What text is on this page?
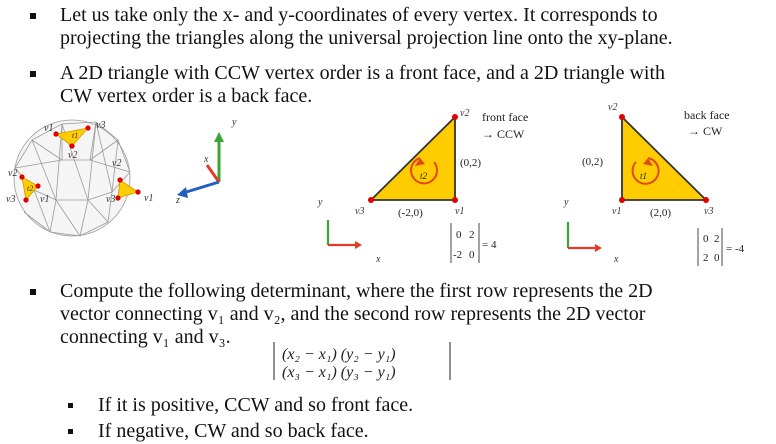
Let us take only the x- and y-coordinates of every vertex. It corresponds to
projecting the triangles along the universal projection line onto the xy-plane.
A 2D triangle with CCW vertex order is a front face, and a 2D triangle with
CW vertex order is a back face.
v1	v3
v2
t1
t2
v2
v3 v1
v2
v3	v1
y
x
z
v2 front face
→ CCW
(0,2)
t2
v3	(-2,0)	v1
y
x
0 2
-2 0
= 4
v2
back face
→ CW
(0,2)
t1
v1	(2,0)	v3
y
x
0 2
2 0
= -4
(x₂ − x₁) (y₂ − y₁)
(x₃ − x₁) (y₃ − y₁)
Compute the following determinant, where the first row represents the 2D
vector connecting v₁ and v₂, and the second row represents the 2D vector
connecting v₁ and v₃.
If it is positive, CCW and so front face.
If negative, CW and so back face.
